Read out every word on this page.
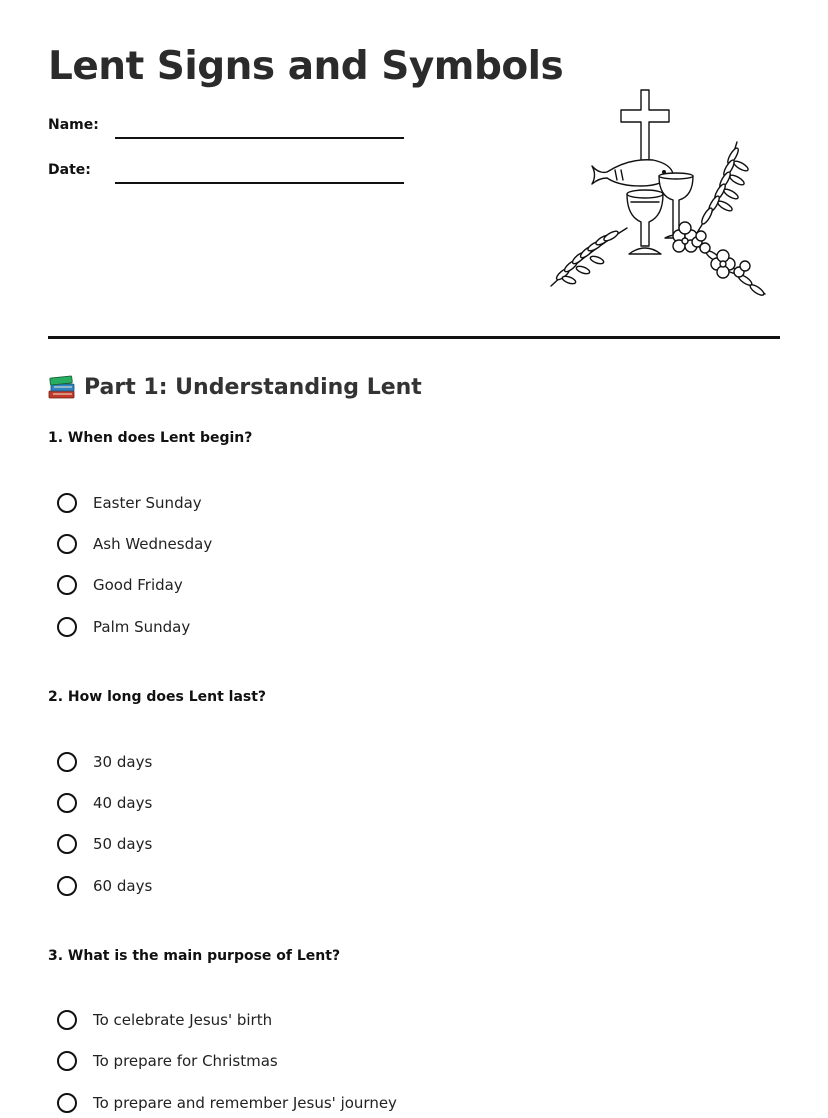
Lent Signs and Symbols
Name:
Date:
Part 1: Understanding Lent
1. When does Lent begin?
Easter Sunday
Ash Wednesday
Good Friday
Palm Sunday
2. How long does Lent last?
30 days
40 days
50 days
60 days
3. What is the main purpose of Lent?
To celebrate Jesus' birth
To prepare for Christmas
To prepare and remember Jesus' journey
